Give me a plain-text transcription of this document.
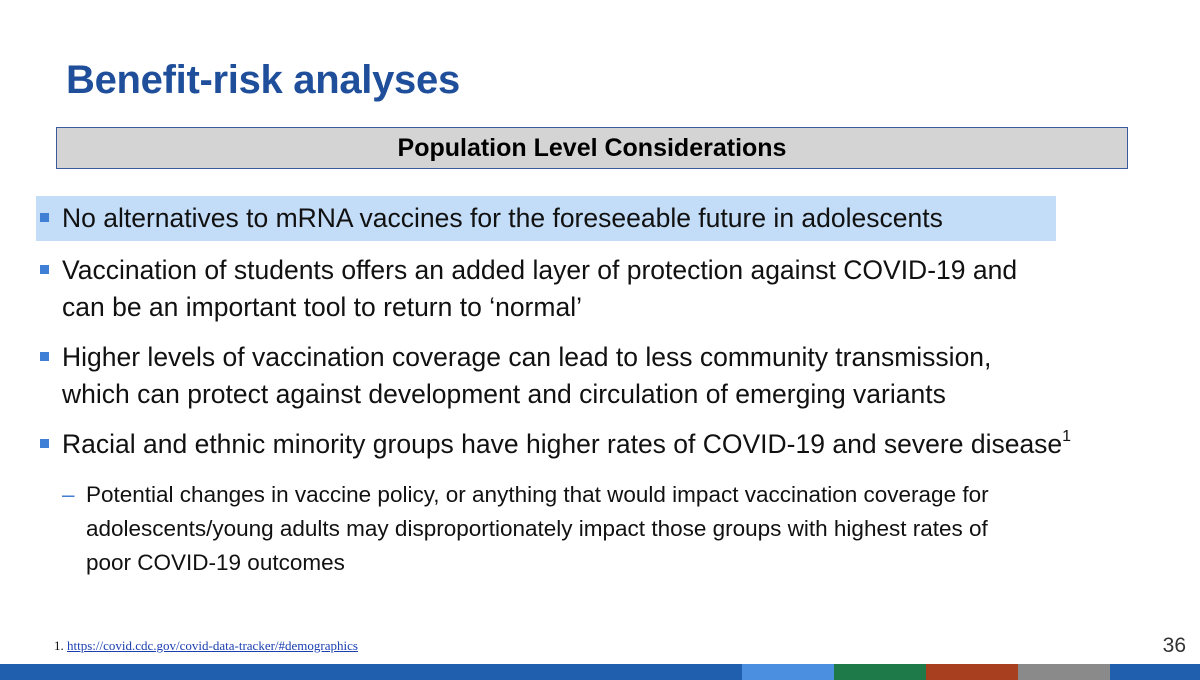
Benefit-risk analyses
Population Level Considerations
No alternatives to mRNA vaccines for the foreseeable future in adolescents
Vaccination of students offers an added layer of protection against COVID-19 and
can be an important tool to return to ‘normal’
Higher levels of vaccination coverage can lead to less community transmission,
which can protect against development and circulation of emerging variants
Racial and ethnic minority groups have higher rates of COVID-19 and severe disease$^1$
– Potential changes in vaccine policy, or anything that would impact vaccination coverage for
adolescents/young adults may disproportionately impact those groups with highest rates of
poor COVID-19 outcomes
1. https://covid.cdc.gov/covid-data-tracker/#demographics	36
